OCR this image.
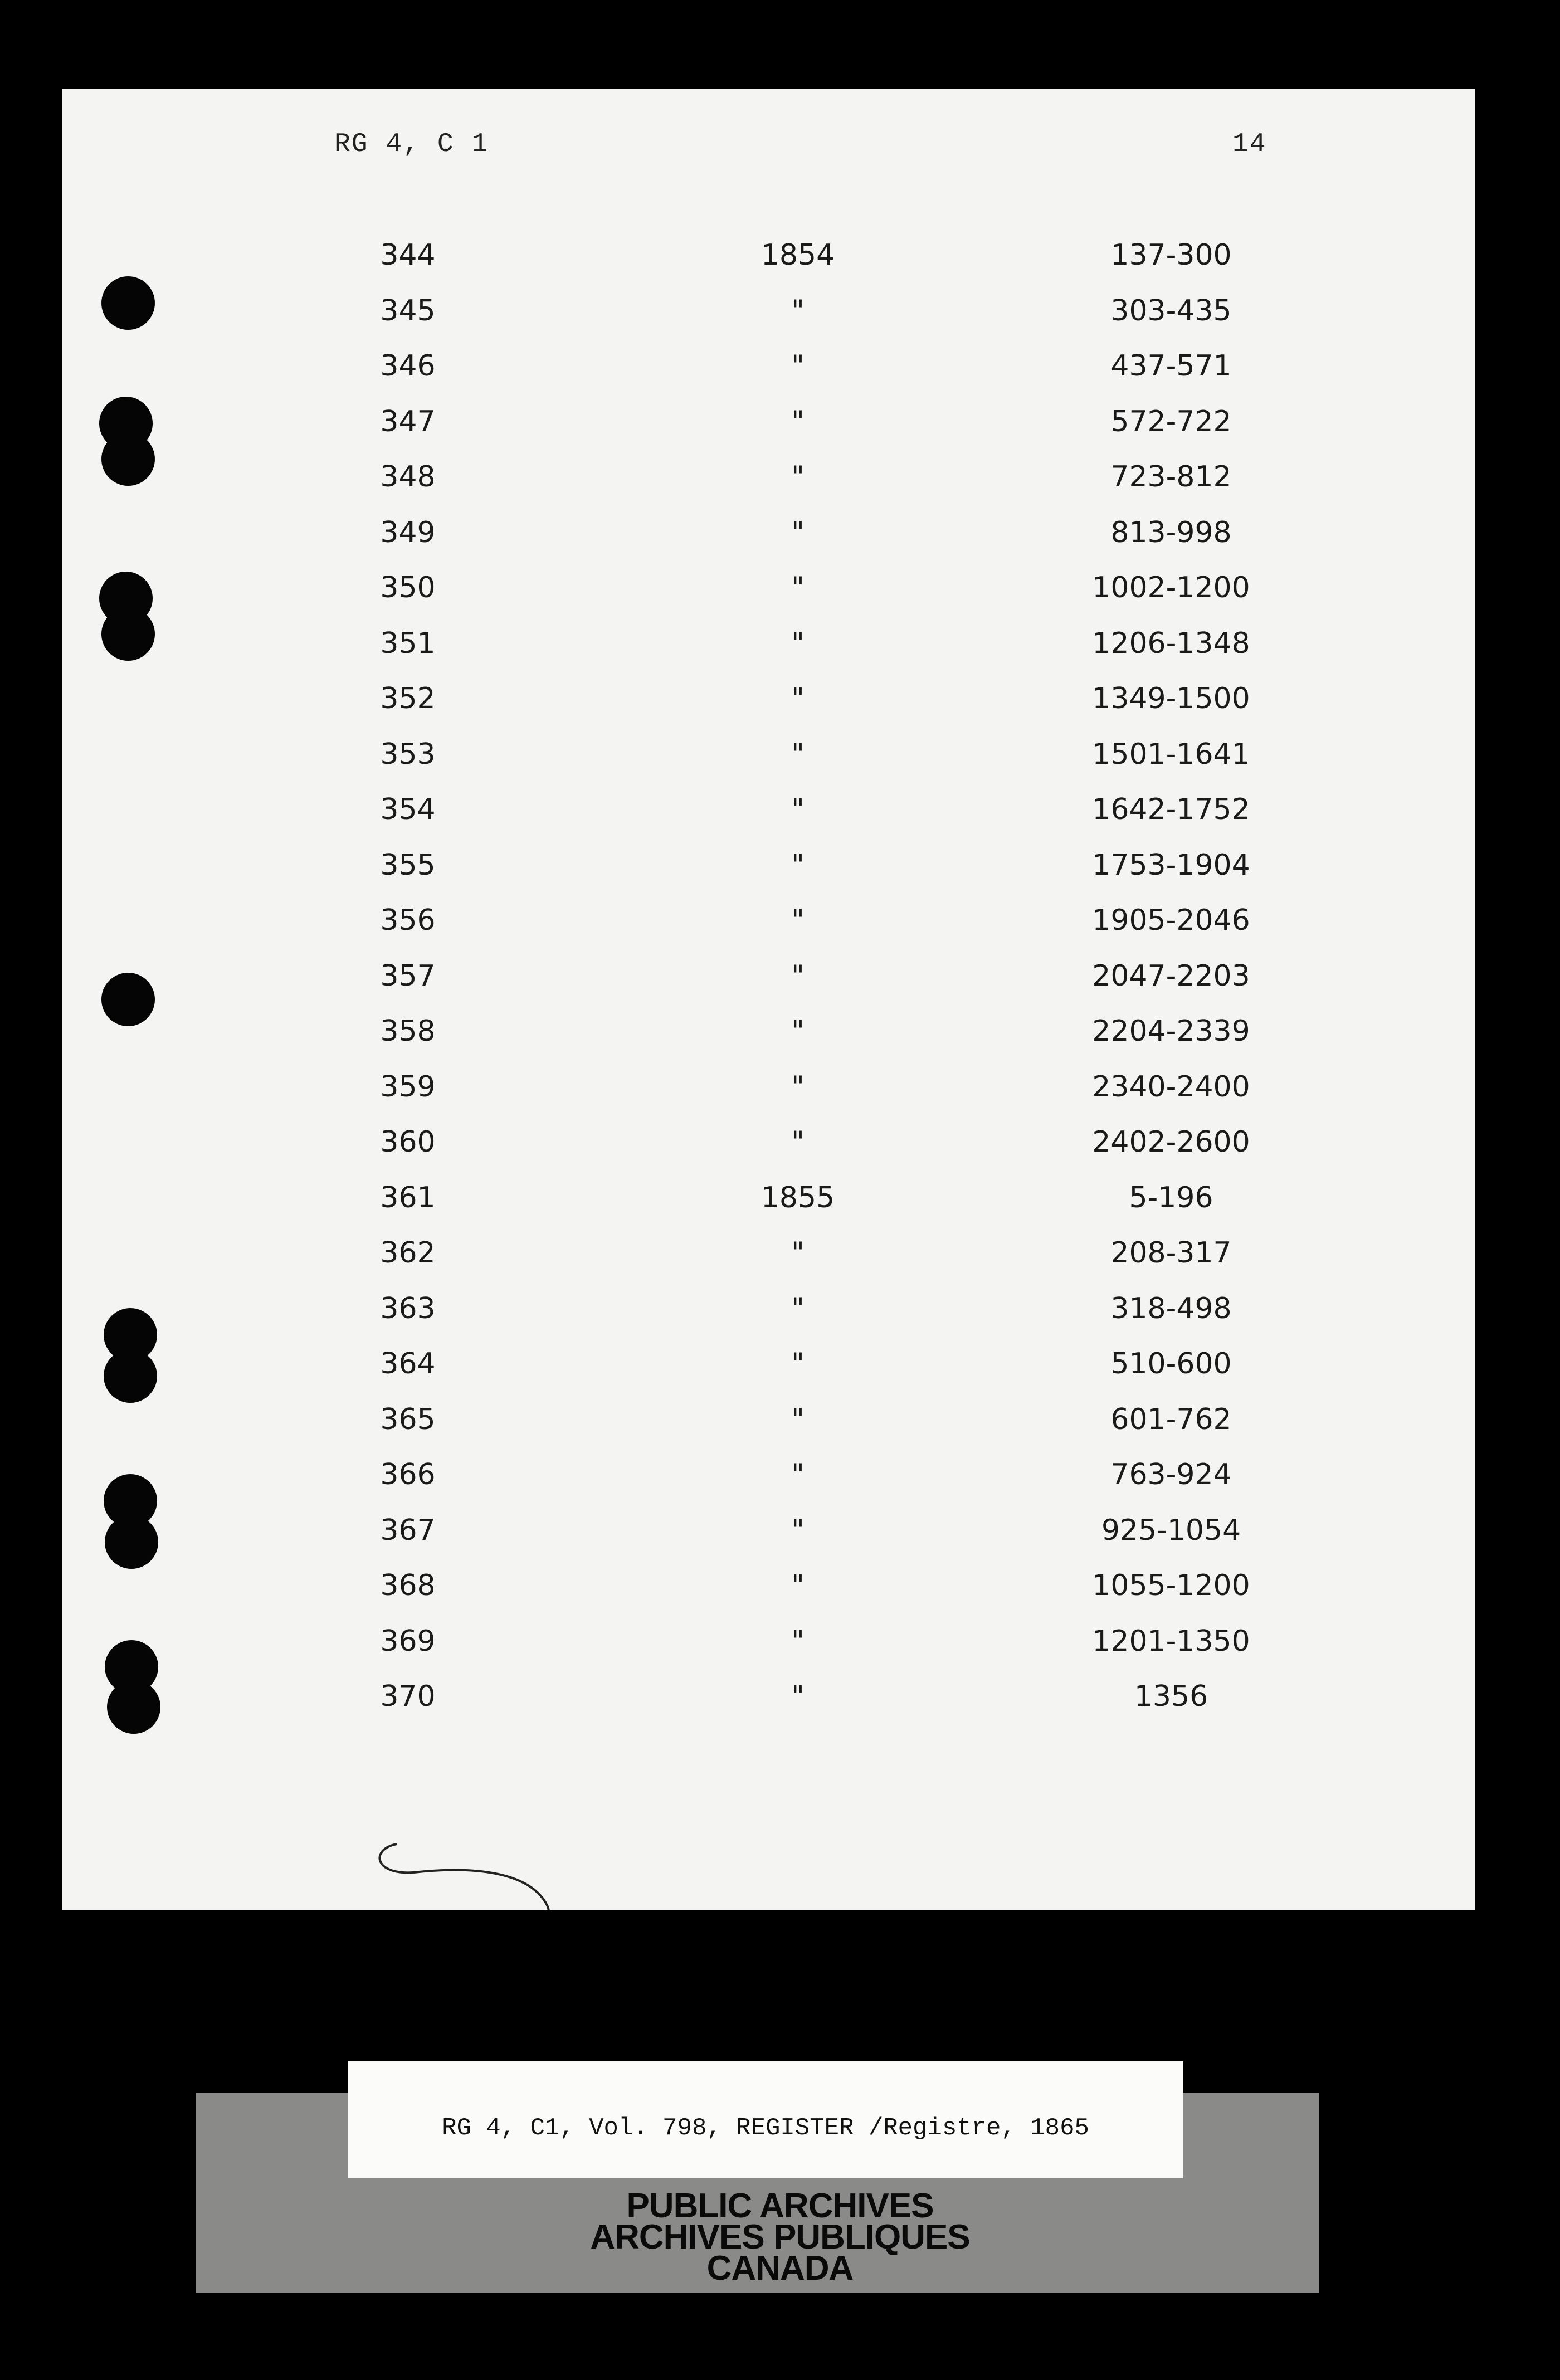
RG 4, C 1	14
344	1854	137-300
345	"	303-435
346	"	437-571
347	"	572-722
348	"	723-812
349	"	813-998
350	"	1002-1200
351	"	1206-1348
352	"	1349-1500
353	"	1501-1641
354	"	1642-1752
355	"	1753-1904
356	"	1905-2046
357	"	2047-2203
358	"	2204-2339
359	"	2340-2400
360	"	2402-2600
361	1855	5-196
362	"	208-317
363	"	318-498
364	"	510-600
365	"	601-762
366	"	763-924
367	"	925-1054
368	"	1055-1200
369	"	1201-1350
370	"	1356
RG 4, C1, Vol. 798, REGISTER /Registre, 1865
PUBLIC ARCHIVES
ARCHIVES PUBLIQUES
CANADA
